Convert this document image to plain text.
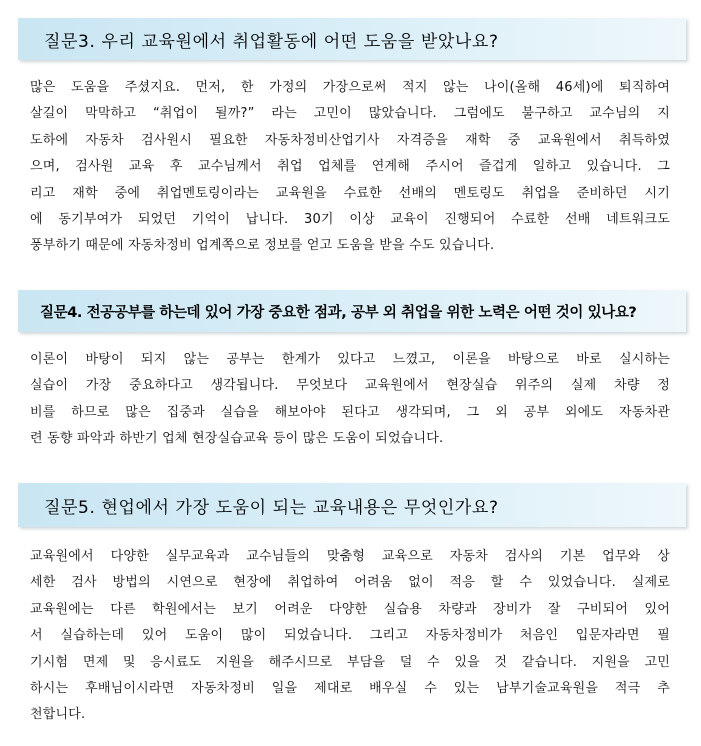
질문3. 우리 교육원에서 취업활동에 어떤 도움을 받았나요?
많은 도움을 주셨지요. 먼저, 한 가정의 가장으로써 적지 않는 나이(올해 46세)에 퇴직하여
살길이 막막하고 “취업이 될까?” 라는 고민이 많았습니다. 그럼에도 불구하고 교수님의 지
도하에 자동차 검사원시 필요한 자동차정비산업기사 자격증을 재학 중 교육원에서 취득하였
으며, 검사원 교육 후 교수님께서 취업 업체를 연계해 주시어 즐겁게 일하고 있습니다. 그
리고 재학 중에 취업멘토링이라는 교육원을 수료한 선배의 멘토링도 취업을 준비하던 시기
에 동기부여가 되었던 기억이 납니다. 30기 이상 교육이 진행되어 수료한 선배 네트워크도
풍부하기 때문에 자동차정비 업계쪽으로 정보를 얻고 도움을 받을 수도 있습니다.
질문4. 전공공부를 하는데 있어 가장 중요한 점과, 공부 외 취업을 위한 노력은 어떤 것이 있나요?
이론이 바탕이 되지 않는 공부는 한계가 있다고 느꼈고, 이론을 바탕으로 바로 실시하는
실습이 가장 중요하다고 생각됩니다. 무엇보다 교육원에서 현장실습 위주의 실제 차량 정
비를 하므로 많은 집중과 실습을 해보아야 된다고 생각되며, 그 외 공부 외에도 자동차관
련 동향 파악과 하반기 업체 현장실습교육 등이 많은 도움이 되었습니다.
질문5. 현업에서 가장 도움이 되는 교육내용은 무엇인가요?
교육원에서 다양한 실무교육과 교수님들의 맞춤형 교육으로 자동차 검사의 기본 업무와 상
세한 검사 방법의 시연으로 현장에 취업하여 어려움 없이 적응 할 수 있었습니다. 실제로
교육원에는 다른 학원에서는 보기 어려운 다양한 실습용 차량과 장비가 잘 구비되어 있어
서 실습하는데 있어 도움이 많이 되었습니다. 그리고 자동차정비가 처음인 입문자라면 필
기시험 면제 및 응시료도 지원을 해주시므로 부담을 덜 수 있을 것 같습니다. 지원을 고민
하시는 후배님이시라면 자동차정비 일을 제대로 배우실 수 있는 남부기술교육원을 적극 추
천합니다.
